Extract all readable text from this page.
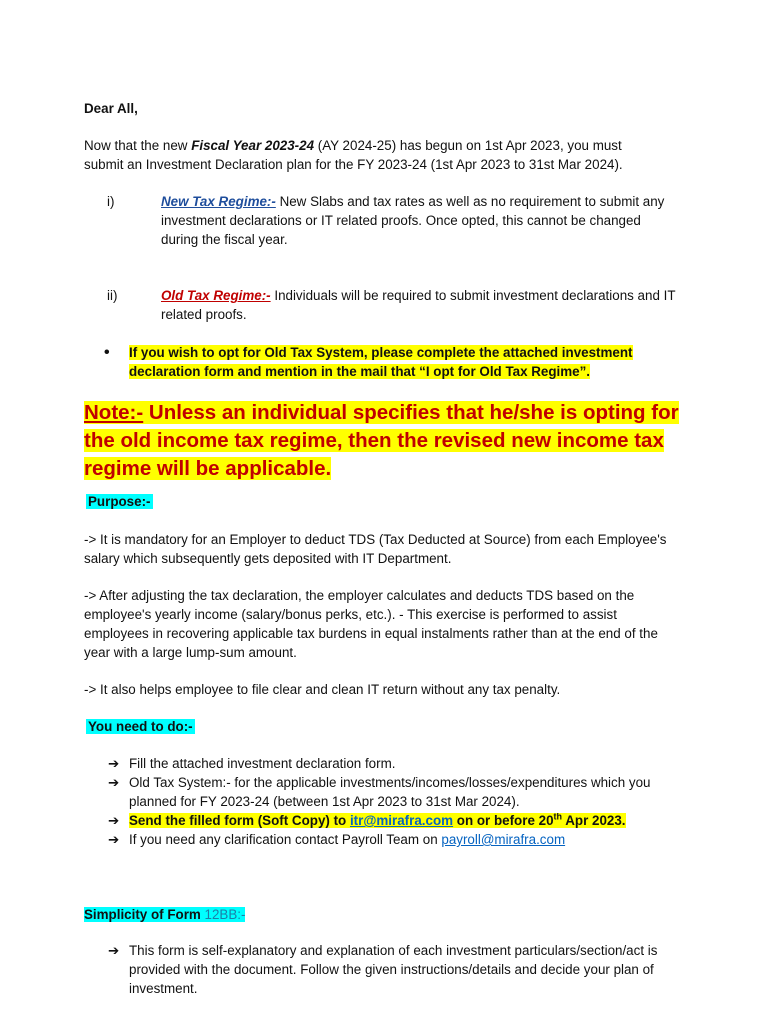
Dear All,

Now that the new Fiscal Year 2023-24 (AY 2024-25) has begun on 1st Apr 2023, you must
submit an Investment Declaration plan for the FY 2023-24 (1st Apr 2023 to 31st Mar 2024).

i)	New Tax Regime:- New Slabs and tax rates as well as no requirement to submit any investment declarations or IT related proofs. Once opted, this cannot be changed during the fiscal year.
ii)	Old Tax Regime:- Individuals will be required to submit investment declarations and IT related proofs.
• If you wish to opt for Old Tax System, please complete the attached investment declaration form and mention in the mail that “I opt for Old Tax Regime”.
Note:- Unless an individual specifies that he/she is opting for the old income tax regime, then the revised new income tax regime will be applicable.

Purpose:-

-> It is mandatory for an Employer to deduct TDS (Tax Deducted at Source) from each Employee's salary which subsequently gets deposited with IT Department.

-> After adjusting the tax declaration, the employer calculates and deducts TDS based on the employee's yearly income (salary/bonus perks, etc.). - This exercise is performed to assist employees in recovering applicable tax burdens in equal instalments rather than at the end of the year with a large lump-sum amount.

-> It also helps employee to file clear and clean IT return without any tax penalty.

You need to do:-

➔ Fill the attached investment declaration form.
➔ Old Tax System:- for the applicable investments/incomes/losses/expenditures which you planned for FY 2023-24 (between 1st Apr 2023 to 31st Mar 2024).
➔ Send the filled form (Soft Copy) to itr@mirafra.com on or before 20th Apr 2023.
➔ If you need any clarification contact Payroll Team on payroll@mirafra.com

Simplicity of Form 12BB:-

➔ This form is self-explanatory and explanation of each investment particulars/section/act is provided with the document. Follow the given instructions/details and decide your plan of investment.
